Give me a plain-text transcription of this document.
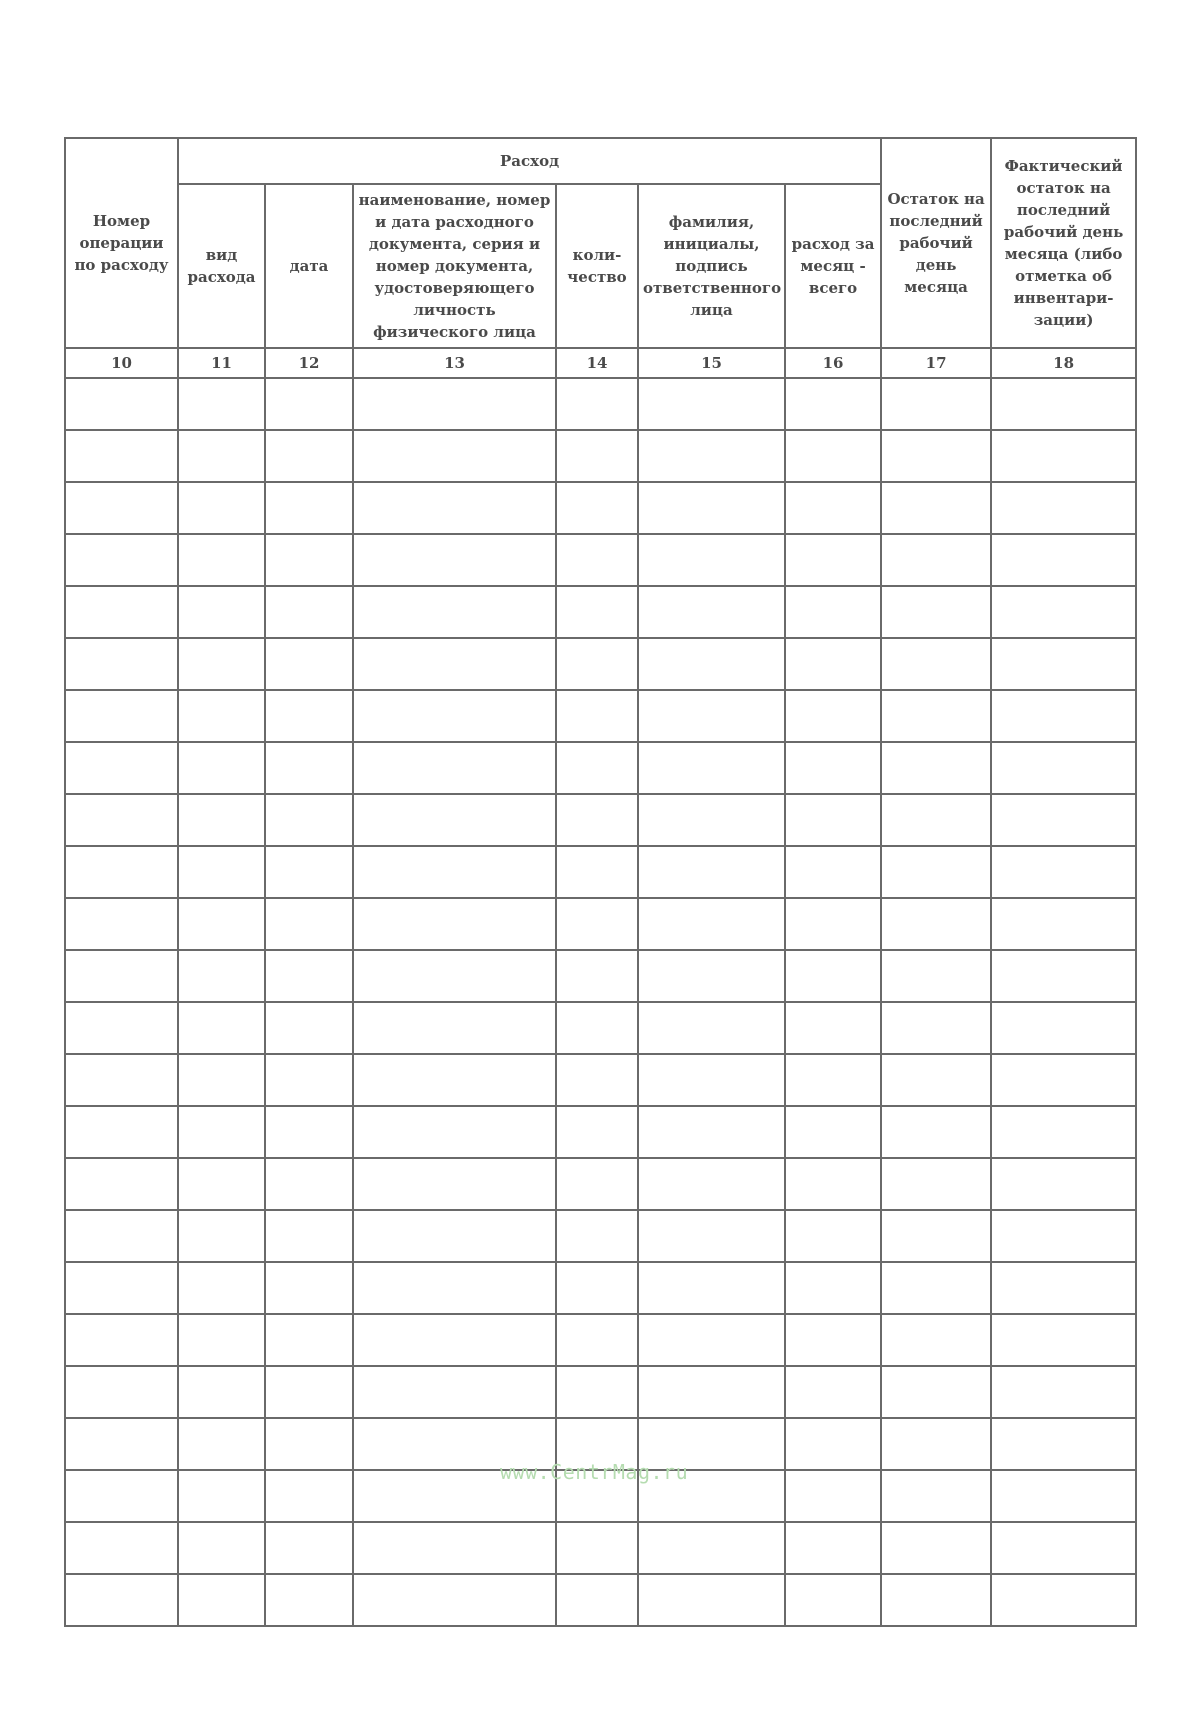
Номер операции по расходу	Расход						Остаток на последний рабочий день месяца	Фактический остаток на последний рабочий день месяца (либо отметка об инвентари-зации)

	вид расхода	дата	наименование, номер и дата расходного документа, серия и номер документа, удостоверяющего личность физического лица	коли-чество	фамилия, инициалы, подпись ответственного лица	расход за месяц - всего		

10	11	12	13	14	15	16	17	18

www.CentrMag.ru
